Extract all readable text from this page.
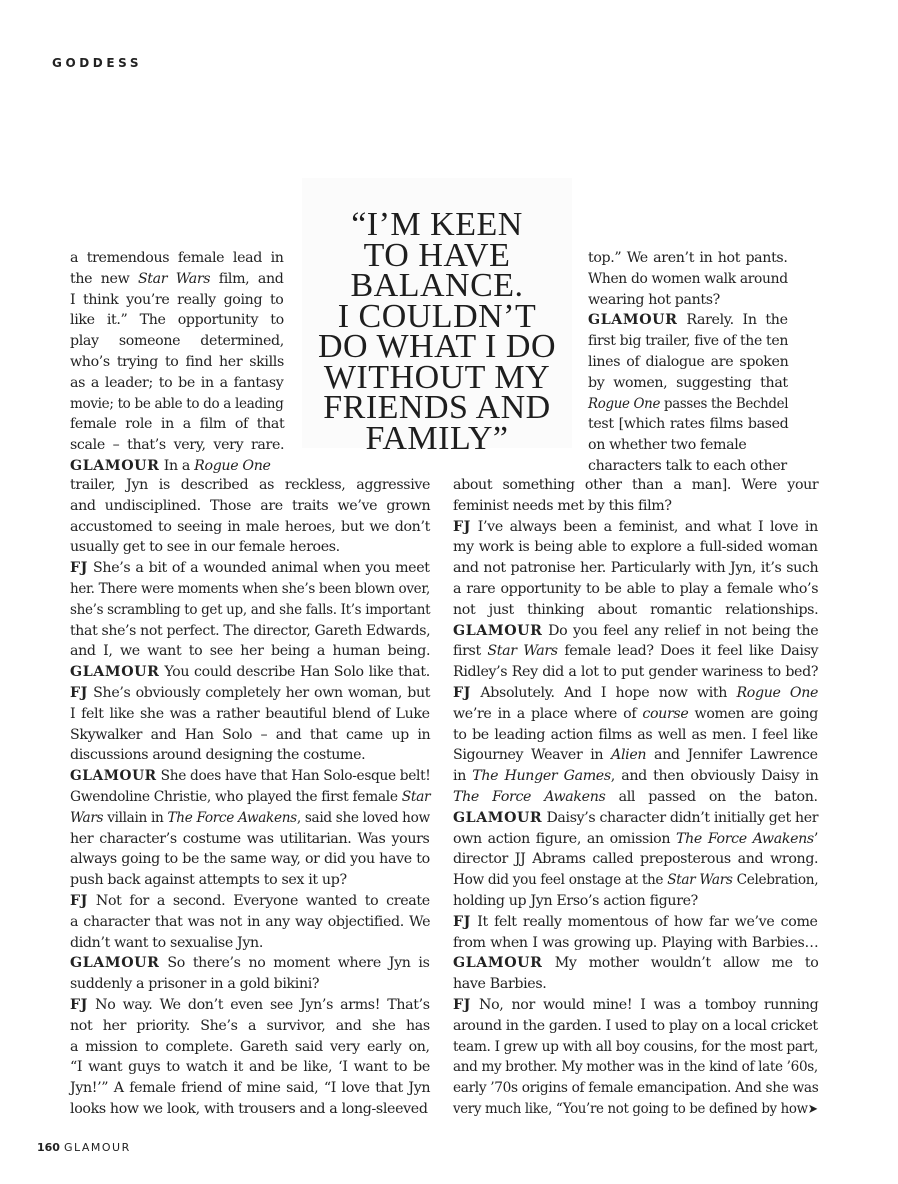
GODDESS
“I’M KEEN
TO HAVE
BALANCE.
I COULDN’T
DO WHAT I DO
WITHOUT MY
FRIENDS AND
FAMILY”
a tremendous female lead in
the new Star Wars film, and
I think you’re really going to
like it.” The opportunity to
play someone determined,
who’s trying to find her skills
as a leader; to be in a fantasy
movie; to be able to do a leading
female role in a film of that
scale – that’s very, very rare.
GLAMOUR In a Rogue One
trailer, Jyn is described as reckless, aggressive
and undisciplined. Those are traits we’ve grown
accustomed to seeing in male heroes, but we don’t
usually get to see in our female heroes.
FJ She’s a bit of a wounded animal when you meet
her. There were moments when she’s been blown over,
she’s scrambling to get up, and she falls. It’s important
that she’s not perfect. The director, Gareth Edwards,
and I, we want to see her being a human being.
GLAMOUR You could describe Han Solo like that.
FJ She’s obviously completely her own woman, but
I felt like she was a rather beautiful blend of Luke
Skywalker and Han Solo – and that came up in
discussions around designing the costume.
GLAMOUR She does have that Han Solo-esque belt!
Gwendoline Christie, who played the first female Star
Wars villain in The Force Awakens, said she loved how
her character’s costume was utilitarian. Was yours
always going to be the same way, or did you have to
push back against attempts to sex it up?
FJ Not for a second. Everyone wanted to create
a character that was not in any way objectified. We
didn’t want to sexualise Jyn.
GLAMOUR So there’s no moment where Jyn is
suddenly a prisoner in a gold bikini?
FJ No way. We don’t even see Jyn’s arms! That’s
not her priority. She’s a survivor, and she has
a mission to complete. Gareth said very early on,
“I want guys to watch it and be like, ‘I want to be
Jyn!’” A female friend of mine said, “I love that Jyn
looks how we look, with trousers and a long-sleeved
top.” We aren’t in hot pants.
When do women walk around
wearing hot pants?
GLAMOUR Rarely. In the
first big trailer, five of the ten
lines of dialogue are spoken
by women, suggesting that
Rogue One passes the Bechdel
test [which rates films based
on whether two female
characters talk to each other
about something other than a man]. Were your
feminist needs met by this film?
FJ I’ve always been a feminist, and what I love in
my work is being able to explore a full-sided woman
and not patronise her. Particularly with Jyn, it’s such
a rare opportunity to be able to play a female who’s
not just thinking about romantic relationships.
GLAMOUR Do you feel any relief in not being the
first Star Wars female lead? Does it feel like Daisy
Ridley’s Rey did a lot to put gender wariness to bed?
FJ Absolutely. And I hope now with Rogue One
we’re in a place where of course women are going
to be leading action films as well as men. I feel like
Sigourney Weaver in Alien and Jennifer Lawrence
in The Hunger Games, and then obviously Daisy in
The Force Awakens all passed on the baton.
GLAMOUR Daisy’s character didn’t initially get her
own action figure, an omission The Force Awakens’
director JJ Abrams called preposterous and wrong.
How did you feel onstage at the Star Wars Celebration,
holding up Jyn Erso’s action figure?
FJ It felt really momentous of how far we’ve come
from when I was growing up. Playing with Barbies…
GLAMOUR My mother wouldn’t allow me to
have Barbies.
FJ No, nor would mine! I was a tomboy running
around in the garden. I used to play on a local cricket
team. I grew up with all boy cousins, for the most part,
and my brother. My mother was in the kind of late ’60s,
early ’70s origins of female emancipation. And she was
very much like, “You’re not going to be defined by how➤
160 GLAMOUR
